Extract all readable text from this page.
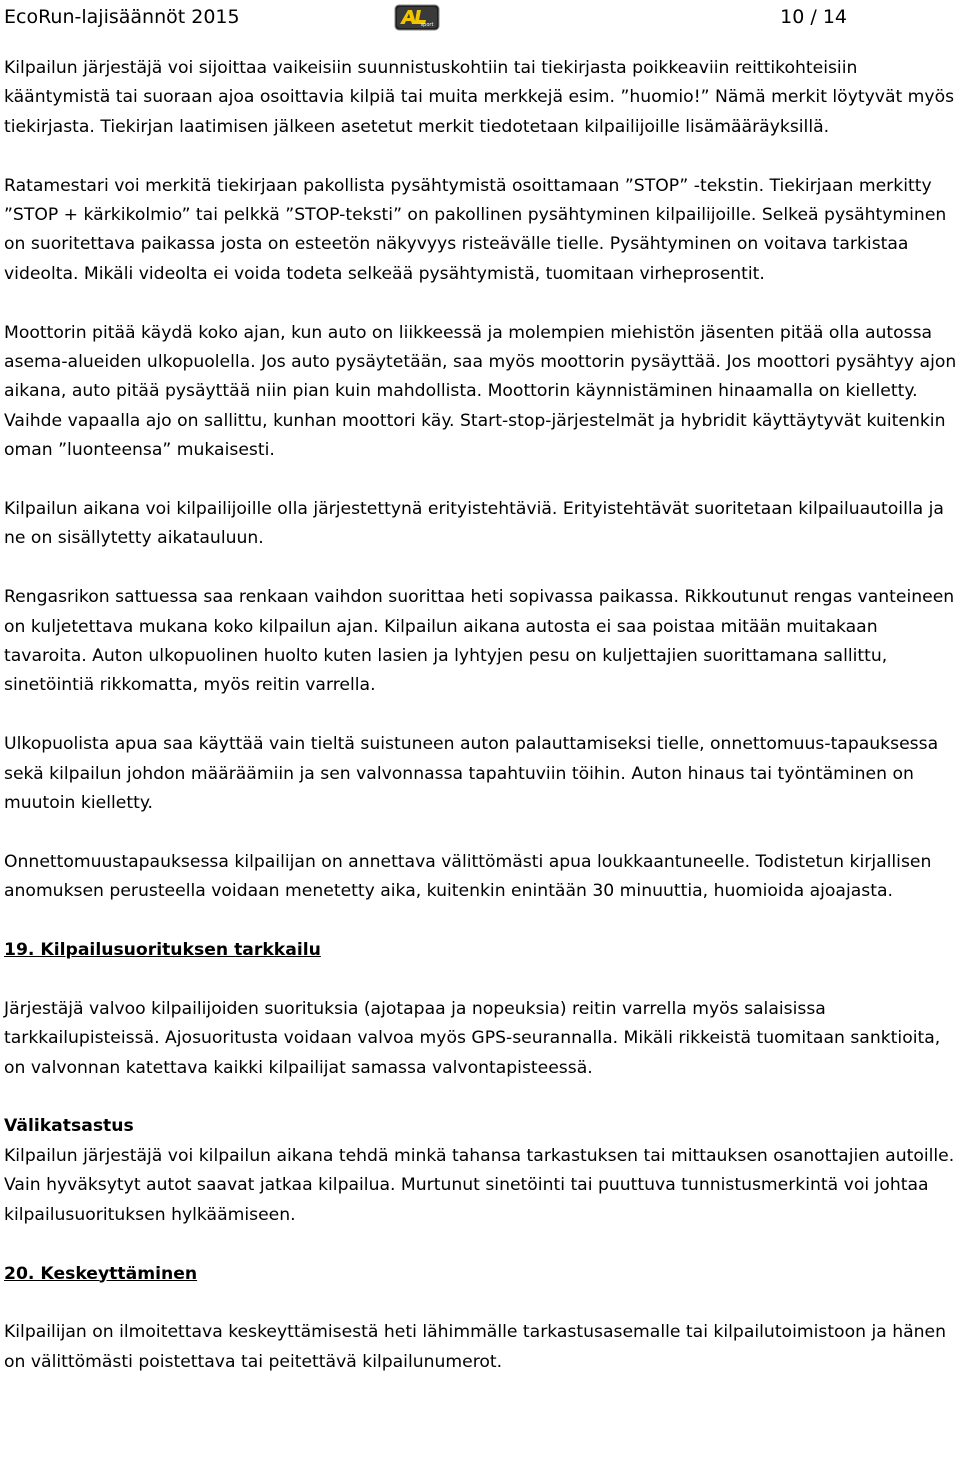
EcoRun-lajisäännöt 2015	sport	10 / 14

Kilpailun järjestäjä voi sijoittaa vaikeisiin suunnistuskohtiin tai tiekirjasta poikkeaviin reittikohteisiin kääntymistä tai suoraan ajoa osoittavia kilpiä tai muita merkkejä esim. ”huomio!” Nämä merkit löytyvät myös tiekirjasta. Tiekirjan laatimisen jälkeen asetetut merkit tiedotetaan kilpailijoille lisämääräyksillä.

Ratamestari voi merkitä tiekirjaan pakollista pysähtymistä osoittamaan ”STOP” -tekstin. Tiekirjaan merkitty ”STOP + kärkikolmio” tai pelkkä ”STOP-teksti” on pakollinen pysähtyminen kilpailijoille. Selkeä pysähtyminen on suoritettava paikassa josta on esteetön näkyvyys risteävälle tielle. Pysähtyminen on voitava tarkistaa videolta. Mikäli videolta ei voida todeta selkeää pysähtymistä, tuomitaan virheprosentit.

Moottorin pitää käydä koko ajan, kun auto on liikkeessä ja molempien miehistön jäsenten pitää olla autossa asema-alueiden ulkopuolella. Jos auto pysäytetään, saa myös moottorin pysäyttää. Jos moottori pysähtyy ajon aikana, auto pitää pysäyttää niin pian kuin mahdollista. Moottorin käynnistäminen hinaamalla on kielletty. Vaihde vapaalla ajo on sallittu, kunhan moottori käy. Start-stop-järjestelmät ja hybridit käyttäytyvät kuitenkin oman ”luonteensa” mukaisesti.

Kilpailun aikana voi kilpailijoille olla järjestettynä erityistehtäviä. Erityistehtävät suoritetaan kilpailuautoilla ja ne on sisällytetty aikatauluun.

Rengasrikon sattuessa saa renkaan vaihdon suorittaa heti sopivassa paikassa. Rikkoutunut rengas vanteineen on kuljetettava mukana koko kilpailun ajan. Kilpailun aikana autosta ei saa poistaa mitään muitakaan tavaroita. Auton ulkopuolinen huolto kuten lasien ja lyhtyjen pesu on kuljettajien suorittamana sallittu, sinetöintiä rikkomatta, myös reitin varrella.

Ulkopuolista apua saa käyttää vain tieltä suistuneen auton palauttamiseksi tielle, onnettomuus-tapauksessa sekä kilpailun johdon määräämiin ja sen valvonnassa tapahtuviin töihin. Auton hinaus tai työntäminen on muutoin kielletty.

Onnettomuustapauksessa kilpailijan on annettava välittömästi apua loukkaantuneelle. Todistetun kirjallisen anomuksen perusteella voidaan menetetty aika, kuitenkin enintään 30 minuuttia, huomioida ajoajasta.

19. Kilpailusuorituksen tarkkailu

Järjestäjä valvoo kilpailijoiden suorituksia (ajotapaa ja nopeuksia) reitin varrella myös salaisissa tarkkailupisteissä. Ajosuoritusta voidaan valvoa myös GPS-seurannalla. Mikäli rikkeistä tuomitaan sanktioita, on valvonnan katettava kaikki kilpailijat samassa valvontapisteessä.

Välikatsastus

Kilpailun järjestäjä voi kilpailun aikana tehdä minkä tahansa tarkastuksen tai mittauksen osanottajien autoille. Vain hyväksytyt autot saavat jatkaa kilpailua. Murtunut sinetöinti tai puuttuva tunnistusmerkintä voi johtaa kilpailusuorituksen hylkäämiseen.

20. Keskeyttäminen

Kilpailijan on ilmoitettava keskeyttämisestä heti lähimmälle tarkastusasemalle tai kilpailutoimistoon ja hänen on välittömästi poistettava tai peitettävä kilpailunumerot.
